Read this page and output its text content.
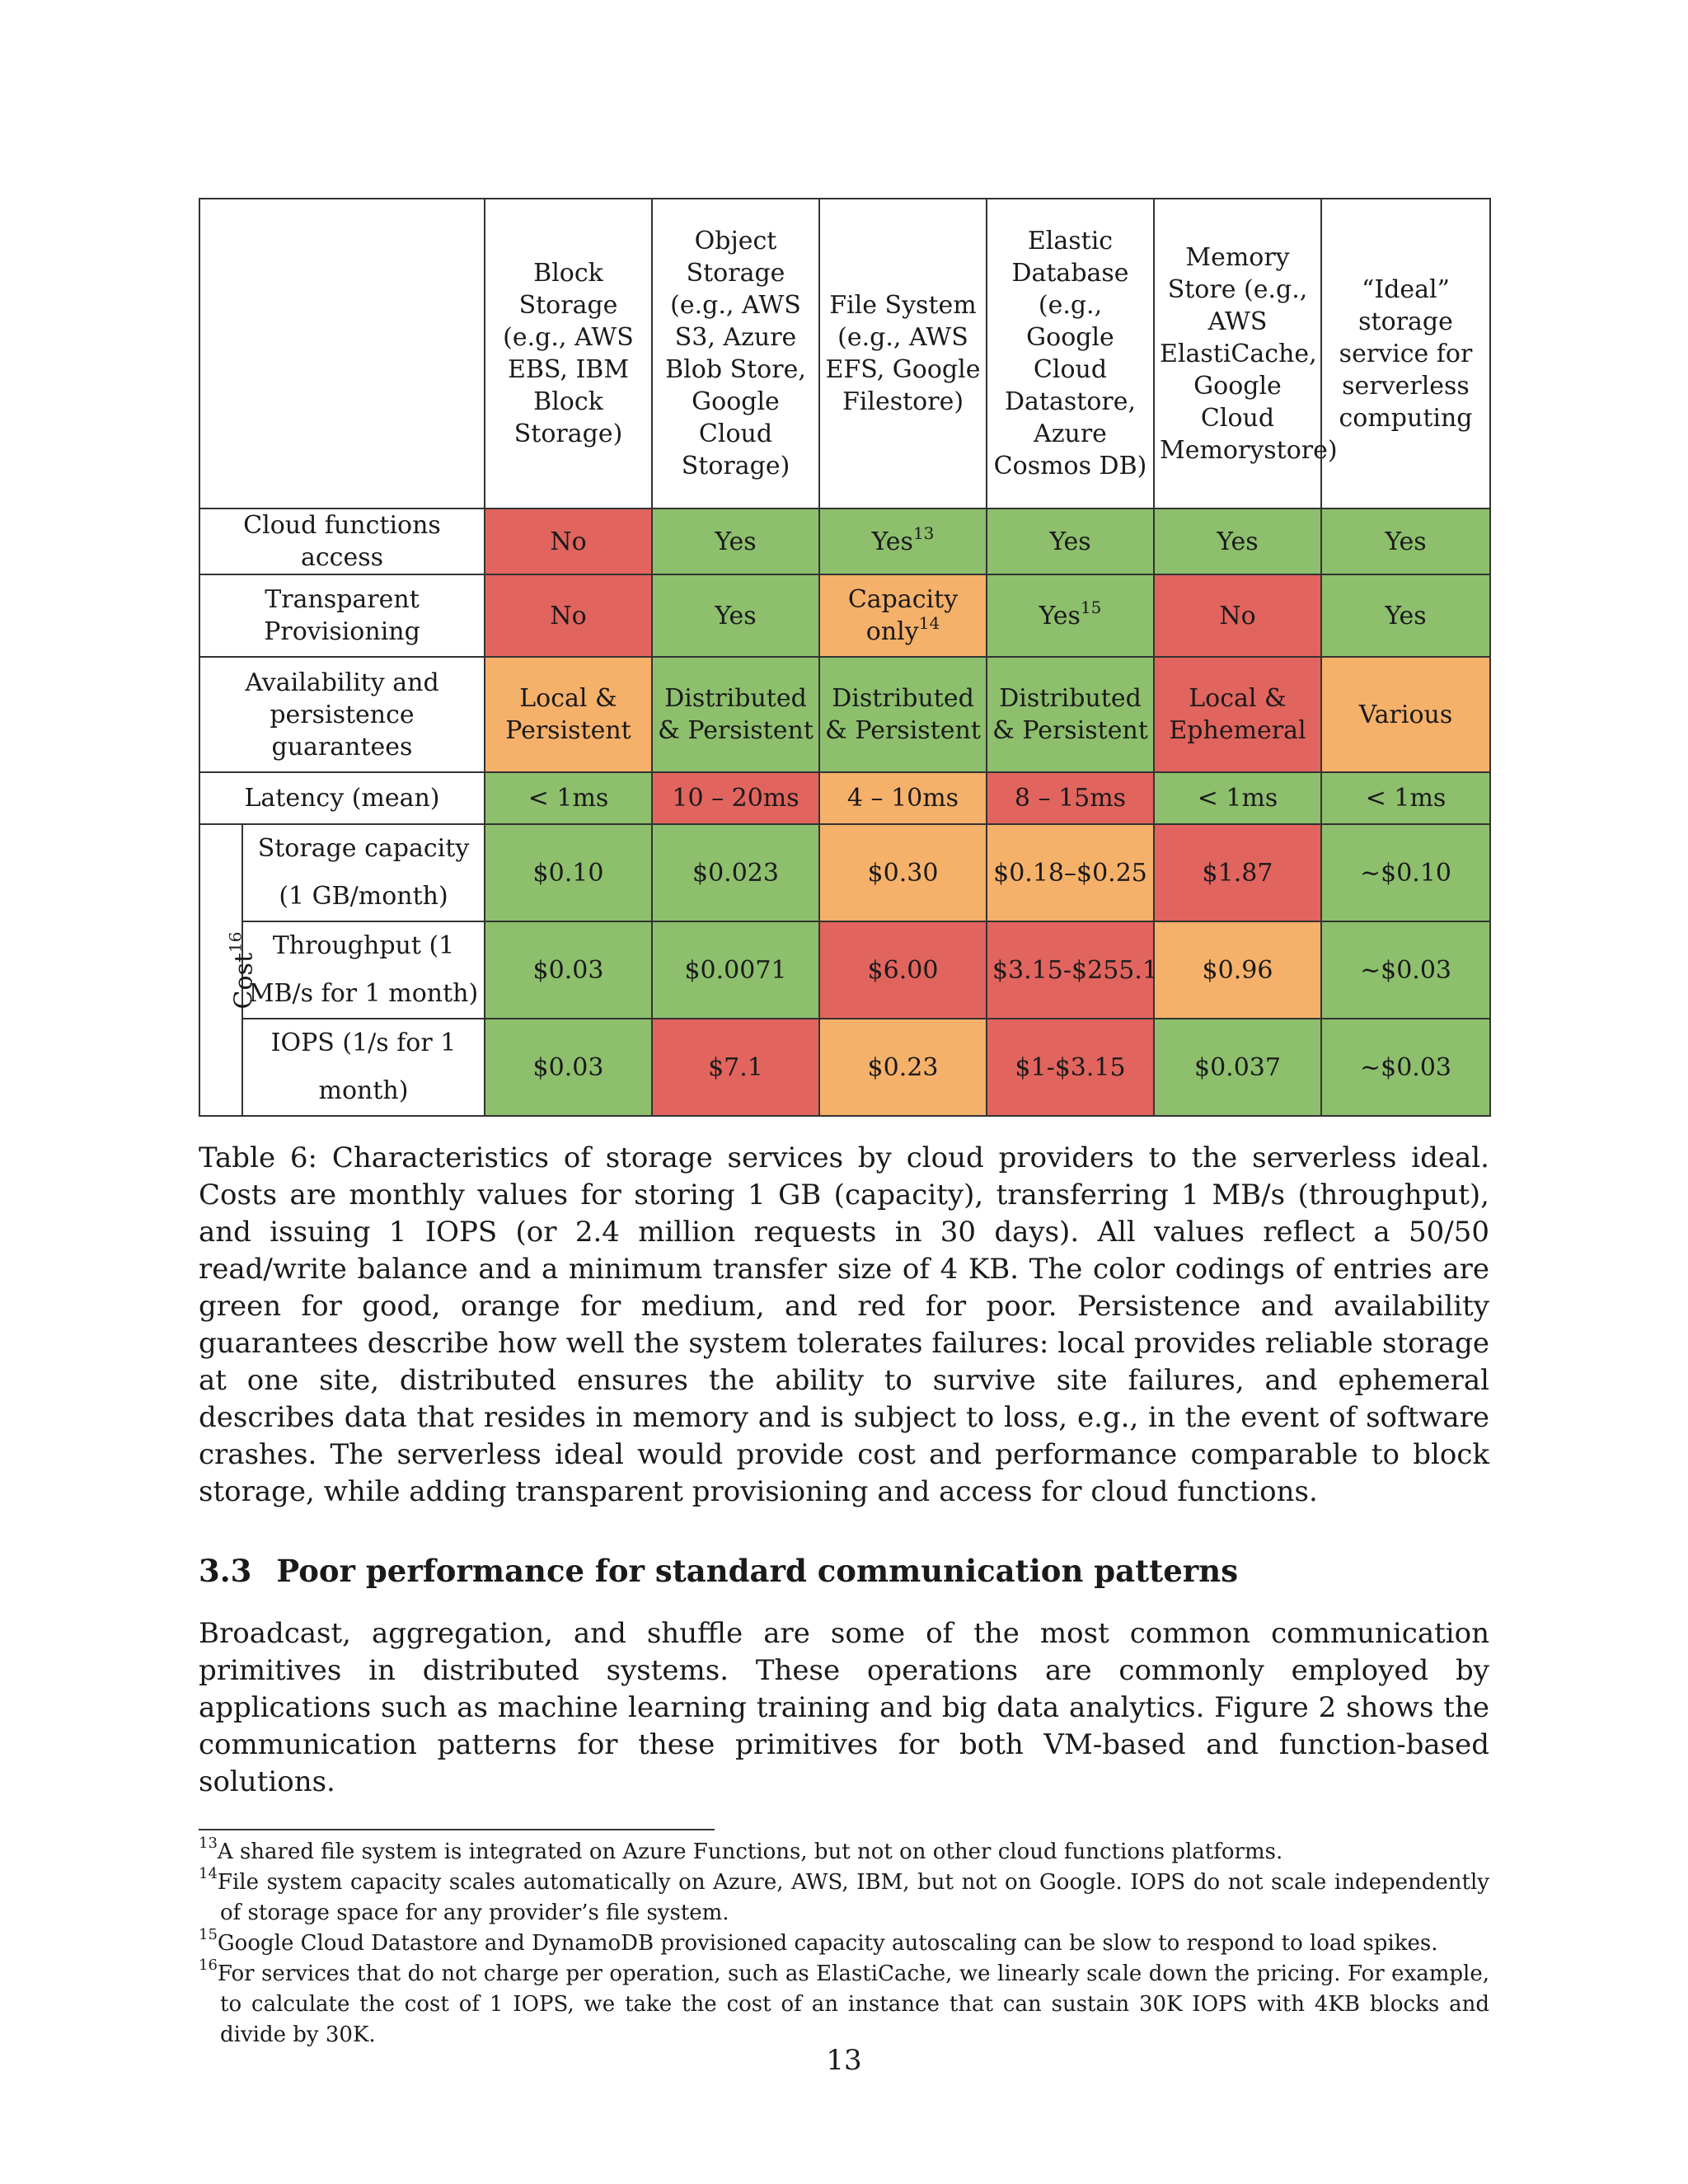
		Block Storage (e.g., AWS EBS, IBM Block Storage)	Object Storage (e.g., AWS S3, Azure Blob Store, Google Cloud Storage)	File System (e.g., AWS EFS, Google Filestore)	Elastic Database (e.g., Google Cloud Datastore, Azure Cosmos DB)	Memory Store (e.g., AWS ElastiCache, Google Cloud Memorystore)	“Ideal” storage service for serverless computing
Cloud functions access		No	Yes	Yes$^{13}$	Yes	Yes	Yes
Transparent Provisioning		No	Yes	Capacity only$^{14}$	Yes$^{15}$	No	Yes
Availability and persistence guarantees		Local & Persistent	Distributed & Persistent	Distributed & Persistent	Distributed & Persistent	Local & Ephemeral	Various
Latency (mean)		< 1ms	10 – 20ms	4 – 10ms	8 – 15ms	< 1ms	< 1ms
Cost$^{16}$	Storage capacity (1 GB/month)	$0.10	$0.023	$0.30	$0.18–$0.25	$1.87	~$0.10
	Throughput (1 MB/s for 1 month)	$0.03	$0.0071	$6.00	$3.15-$255.1	$0.96	~$0.03
	IOPS (1/s for 1 month)	$0.03	$7.1	$0.23	$1-$3.15	$0.037	~$0.03

Table 6: Characteristics of storage services by cloud providers to the serverless ideal. Costs are monthly values for storing 1 GB (capacity), transferring 1 MB/s (throughput), and issuing 1 IOPS (or 2.4 million requests in 30 days). All values reflect a 50/50 read/write balance and a minimum transfer size of 4 KB. The color codings of entries are green for good, orange for medium, and red for poor. Persistence and availability guarantees describe how well the system tolerates failures: local provides reliable storage at one site, distributed ensures the ability to survive site failures, and ephemeral describes data that resides in memory and is subject to loss, e.g., in the event of software crashes. The serverless ideal would provide cost and performance comparable to block storage, while adding transparent provisioning and access for cloud functions.

3.3 Poor performance for standard communication patterns

Broadcast, aggregation, and shuffle are some of the most common communication primitives in distributed systems. These operations are commonly employed by applications such as machine learning training and big data analytics. Figure 2 shows the communication patterns for these primitives for both VM-based and function-based solutions.

$^{13}$A shared file system is integrated on Azure Functions, but not on other cloud functions platforms.
$^{14}$File system capacity scales automatically on Azure, AWS, IBM, but not on Google. IOPS do not scale independently of storage space for any provider’s file system.
$^{15}$Google Cloud Datastore and DynamoDB provisioned capacity autoscaling can be slow to respond to load spikes.
$^{16}$For services that do not charge per operation, such as ElastiCache, we linearly scale down the pricing. For example, to calculate the cost of 1 IOPS, we take the cost of an instance that can sustain 30K IOPS with 4KB blocks and divide by 30K.
13
